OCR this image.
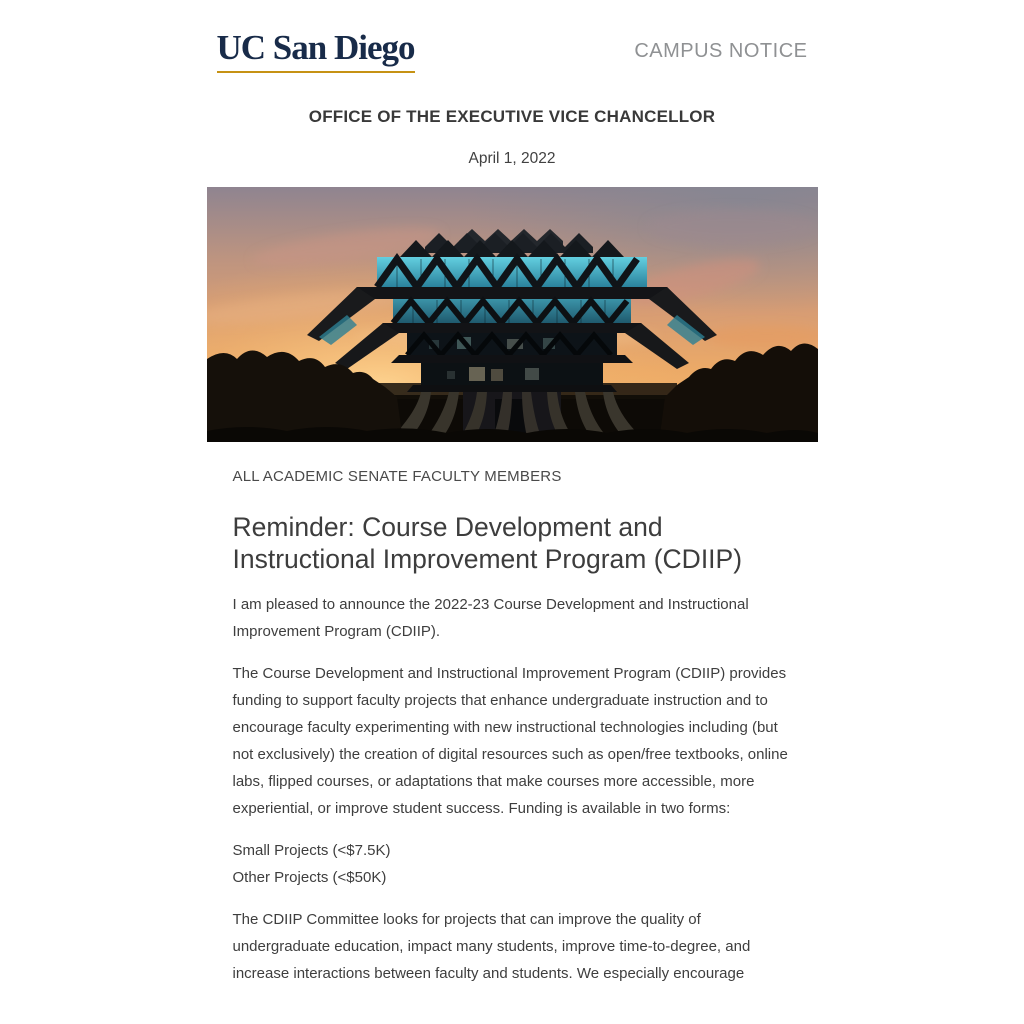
UC San Diego	CAMPUS NOTICE
OFFICE OF THE EXECUTIVE VICE CHANCELLOR
April 1, 2022
ALL ACADEMIC SENATE FACULTY MEMBERS
Reminder: Course Development and Instructional Improvement Program (CDIIP)

I am pleased to announce the 2022-23 Course Development and Instructional Improvement Program (CDIIP).

The Course Development and Instructional Improvement Program (CDIIP) provides funding to support faculty projects that enhance undergraduate instruction and to encourage faculty experimenting with new instructional technologies including (but not exclusively) the creation of digital resources such as open/free textbooks, online labs, flipped courses, or adaptations that make courses more accessible, more experiential, or improve student success. Funding is available in two forms:

Small Projects (<$7.5K)
Other Projects (<$50K)

The CDIIP Committee looks for projects that can improve the quality of undergraduate education, impact many students, improve time-to-degree, and increase interactions between faculty and students. We especially encourage
